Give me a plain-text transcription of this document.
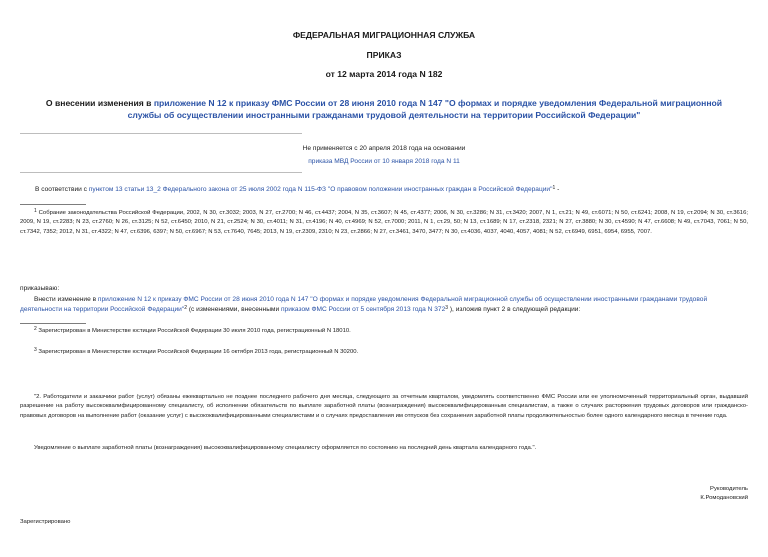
ФЕДЕРАЛЬНАЯ МИГРАЦИОННАЯ СЛУЖБА
ПРИКАЗ
от 12 марта 2014 года N 182
О внесении изменения в приложение N 12 к приказу ФМС России от 28 июня 2010 года N 147 "О формах и порядке уведомления Федеральной миграционной службы об осуществлении иностранными гражданами трудовой деятельности на территории Российской Федерации"
Не применяется с 20 апреля 2018 года на основании
приказа МВД России от 10 января 2018 года N 11
В соответствии с пунктом 13 статьи 13_2 Федерального закона от 25 июля 2002 года N 115-ФЗ "О правовом положении иностранных граждан в Российской Федерации"$^1$ -
$^1$ Собрание законодательства Российской Федерации, 2002, N 30, ст.3032; 2003, N 27, ст.2700; N 46, ст.4437; 2004, N 35, ст.3607; N 45, ст.4377; 2006, N 30, ст.3286; N 31, ст.3420; 2007, N 1, ст.21; N 49, ст.6071; N 50, ст.6241; 2008, N 19, ст.2094; N 30, ст.3616; 2009, N 19, ст.2283; N 23, ст.2760; N 26, ст.3125; N 52, ст.6450; 2010, N 21, ст.2524; N 30, ст.4011; N 31, ст.4196; N 40, ст.4969; N 52, ст.7000; 2011, N 1, ст.29, 50; N 13, ст.1689; N 17, ст.2318, 2321; N 27, ст.3880; N 30, ст.4590; N 47, ст.6608; N 49, ст.7043, 7061; N 50, ст.7342, 7352; 2012, N 31, ст.4322; N 47, ст.6396, 6397; N 50, ст.6967; N 53, ст.7640, 7645; 2013, N 19, ст.2309, 2310; N 23, ст.2866; N 27, ст.3461, 3470, 3477; N 30, ст.4036, 4037, 4040, 4057, 4081; N 52, ст.6949, 6951, 6954, 6955, 7007.
приказываю:
Внести изменение в приложение N 12 к приказу ФМС России от 28 июня 2010 года N 147 "О формах и порядке уведомления Федеральной миграционной службы об осуществлении иностранными гражданами трудовой деятельности на территории Российской Федерации"$^2$ (с изменениями, внесенными приказом ФМС России от 5 сентября 2013 года N $372^3$ ), изложив пункт 2 в следующей редакции:
$^2$ Зарегистрирован в Министерстве юстиции Российской Федерации 30 июля 2010 года, регистрационный N 18010.
$^3$ Зарегистрирован в Министерстве юстиции Российской Федерации 16 октября 2013 года, регистрационный N 30200.
"2. Работодатели и заказчики работ (услуг) обязаны ежеквартально не позднее последнего рабочего дня месяца, следующего за отчетным кварталом, уведомлять соответственно ФМС России или ее уполномоченный территориальный орган, выдавший разрешение на работу высококвалифицированному специалисту, об исполнении обязательств по выплате заработной платы (вознаграждения) высококвалифицированным специалистам, а также о случаях расторжения трудовых договоров или гражданско-правовых договоров на выполнение работ (оказание услуг) с высококвалифицированными специалистами и о случаях предоставления им отпусков без сохранения заработной платы продолжительностью более одного календарного месяца в течение года.
Уведомление о выплате заработной платы (вознаграждения) высококвалифицированному специалисту оформляется по состоянию на последний день квартала календарного года.".
Руководитель
К.Ромодановский
Зарегистрировано
